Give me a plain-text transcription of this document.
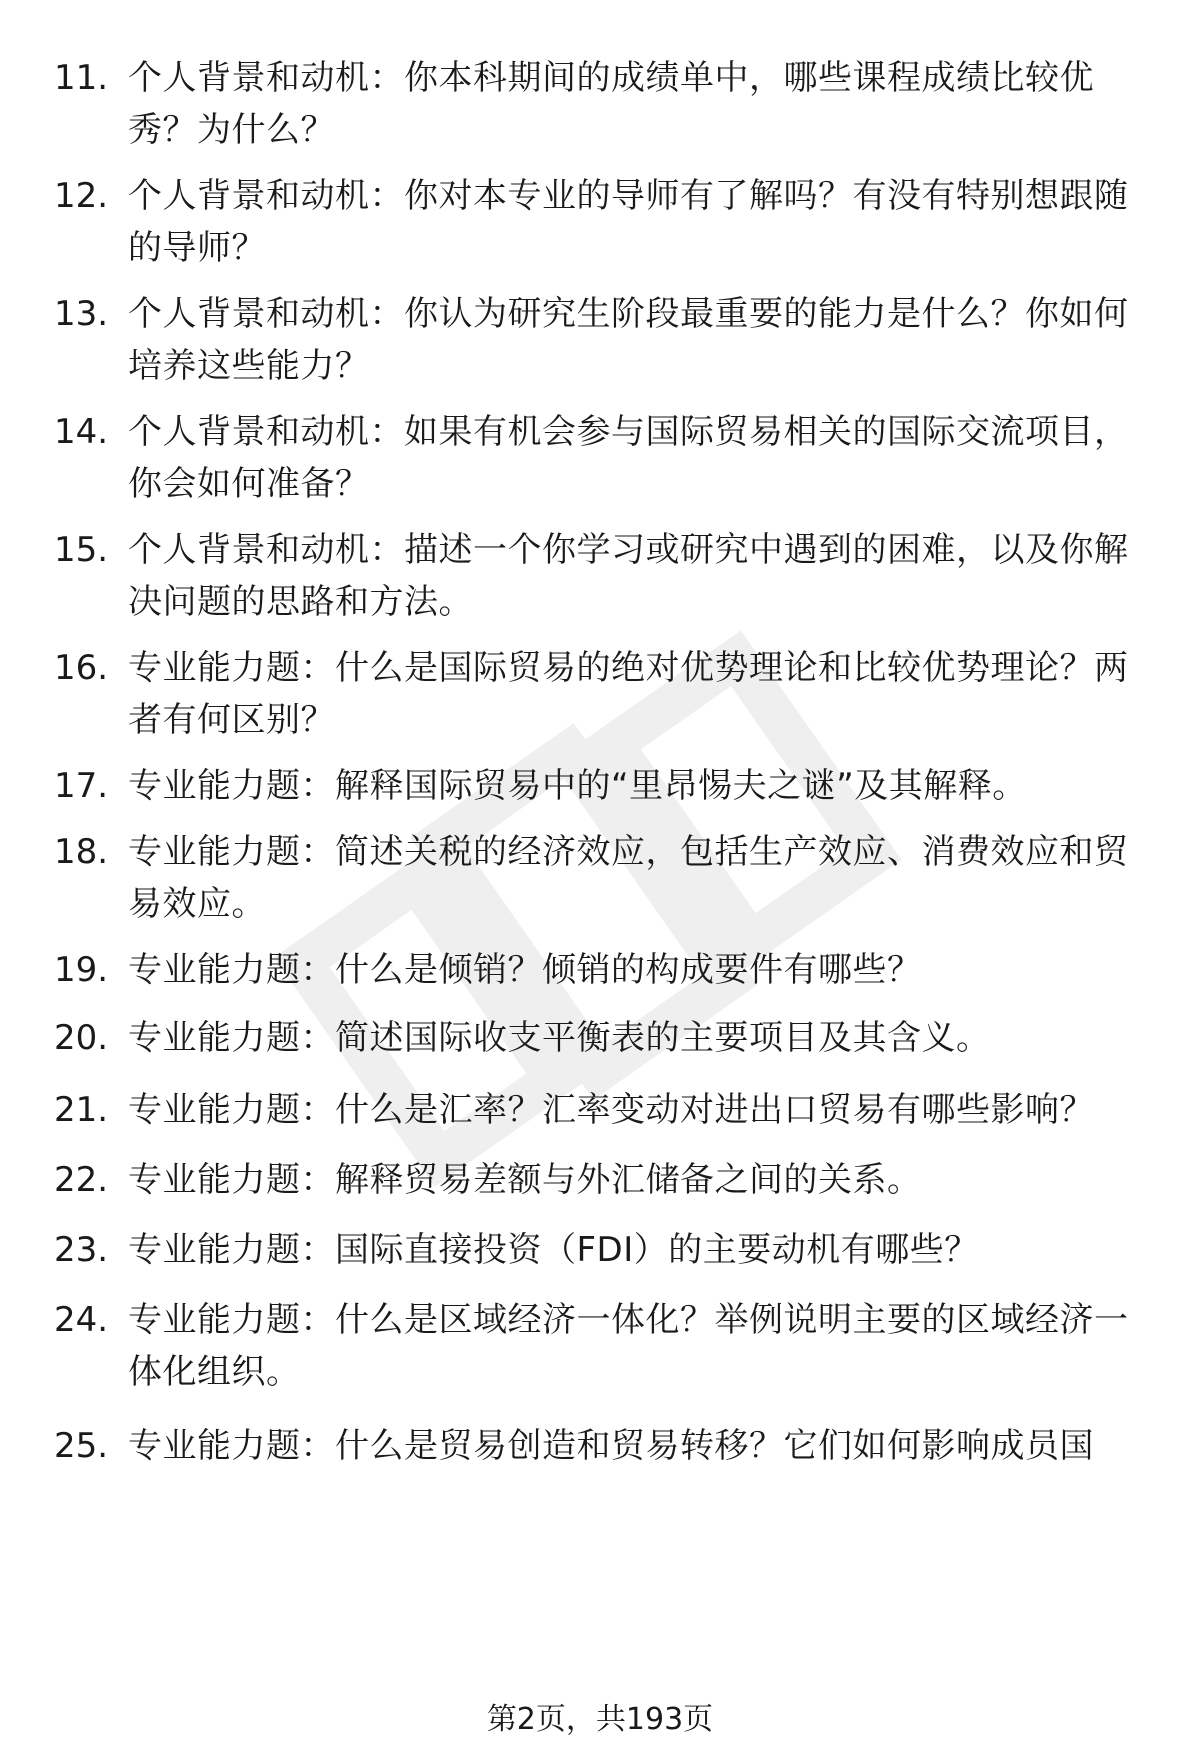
11. 个人背景和动机：你本科期间的成绩单中，哪些课程成绩比较优秀？为什么？
12. 个人背景和动机：你对本专业的导师有了解吗？有没有特别想跟随的导师？
13. 个人背景和动机：你认为研究生阶段最重要的能力是什么？你如何培养这些能力？
14. 个人背景和动机：如果有机会参与国际贸易相关的国际交流项目，你会如何准备？
15. 个人背景和动机：描述一个你学习或研究中遇到的困难，以及你解决问题的思路和方法。
16. 专业能力题：什么是国际贸易的绝对优势理论和比较优势理论？两者有何区别？
17. 专业能力题：解释国际贸易中的“里昂惕夫之谜”及其解释。
18. 专业能力题：简述关税的经济效应，包括生产效应、消费效应和贸易效应。
19. 专业能力题：什么是倾销？倾销的构成要件有哪些？
20. 专业能力题：简述国际收支平衡表的主要项目及其含义。
21. 专业能力题：什么是汇率？汇率变动对进出口贸易有哪些影响？
22. 专业能力题：解释贸易差额与外汇储备之间的关系。
23. 专业能力题：国际直接投资（FDI）的主要动机有哪些？
24. 专业能力题：什么是区域经济一体化？举例说明主要的区域经济一体化组织。
25. 专业能力题：什么是贸易创造和贸易转移？它们如何影响成员国
第2页，共193页
